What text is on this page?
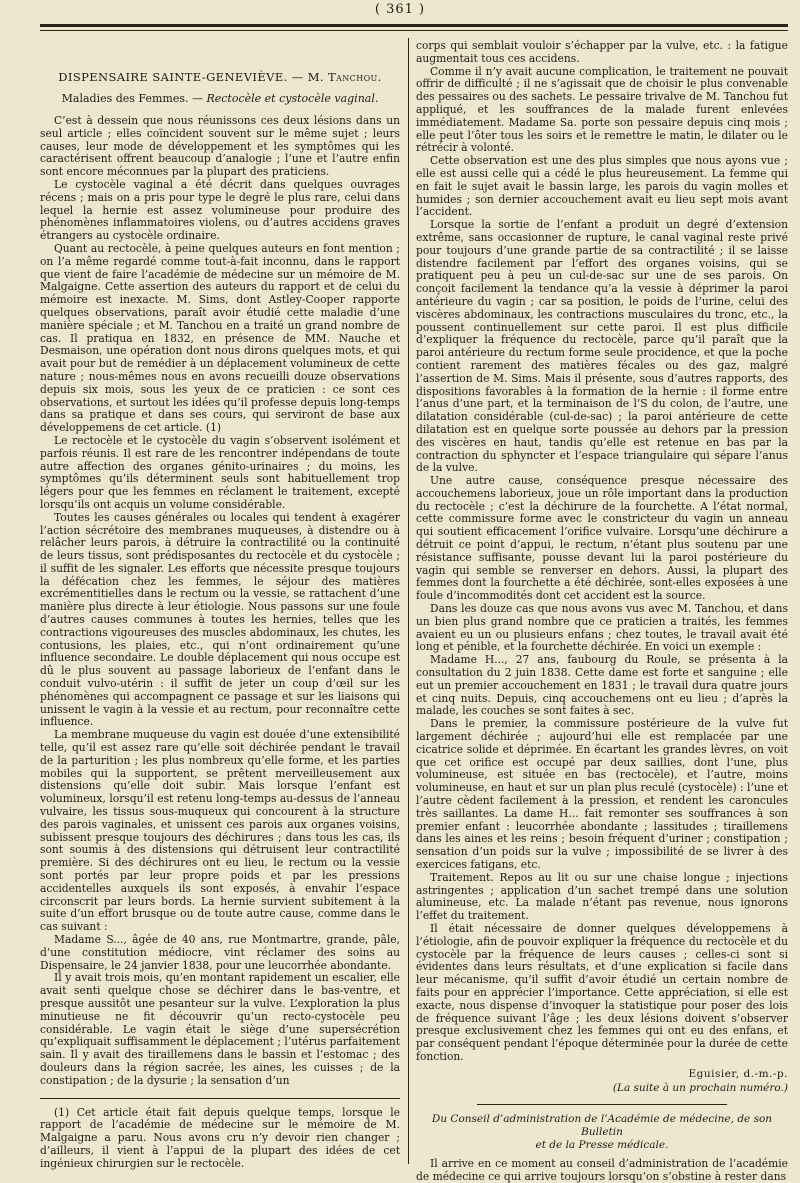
( 361 )
DISPENSAIRE SAINTE-GENEVIÈVE. — M. Tanchou.
Maladies des Femmes. — Rectocèle et cystocèle vaginal.

C’est à dessein que nous réunissons ces deux lésions dans un seul article ; elles coïncident souvent sur le même sujet ; leurs causes, leur mode de développement et les symptômes qui les caractérisent offrent beaucoup d’analogie ; l’une et l’autre enfin sont encore méconnues par la plupart des praticiens.

Le cystocèle vaginal a été décrit dans quelques ouvrages récens ; mais on a pris pour type le degré le plus rare, celui dans lequel la hernie est assez volumineuse pour produire des phénomènes inflammatoires violens, ou d’autres accidens graves étrangers au cystocèle ordinaire.

Quant au rectocèle, à peine quelques auteurs en font mention ; on l’a même regardé comme tout-à-fait inconnu, dans le rapport que vient de faire l’académie de médecine sur un mémoire de M. Malgaigne. Cette assertion des auteurs du rapport et de celui du mémoire est inexacte. M. Sims, dont Astley-Cooper rapporte quelques observations, paraît avoir étudié cette maladie d’une manière spéciale ; et M. Tanchou en a traité un grand nombre de cas. Il pratiqua en 1832, en présence de MM. Nauche et Desmaison, une opération dont nous dirons quelques mots, et qui avait pour but de remédier à un déplacement volumineux de cette nature ; nous-mêmes nous en avons recueilli douze observations depuis six mois, sous les yeux de ce praticien : ce sont ces observations, et surtout les idées qu’il professe depuis long-temps dans sa pratique et dans ses cours, qui serviront de base aux développemens de cet article. (1)

Le rectocèle et le cystocèle du vagin s’observent isolément et parfois réunis. Il est rare de les rencontrer indépendans de toute autre affection des organes génito-urinaires ; du moins, les symptômes qu’ils déterminent seuls sont habituellement trop légers pour que les femmes en réclament le traitement, excepté lorsqu’ils ont acquis un volume considérable.

Toutes les causes générales ou locales qui tendent à exagérer l’action sécrétoire des membranes muqueuses, à distendre ou à relâcher leurs parois, à détruire la contractilité ou la continuité de leurs tissus, sont prédisposantes du rectocèle et du cystocèle ; il suffit de les signaler. Les efforts que nécessite presque toujours la défécation chez les femmes, le séjour des matières excrémentitielles dans le rectum ou la vessie, se rattachent d’une manière plus directe à leur étiologie. Nous passons sur une foule d’autres causes communes à toutes les hernies, telles que les contractions vigoureuses des muscles abdominaux, les chutes, les contusions, les plaies, etc., qui n’ont ordinairement qu’une influence secondaire. Le double déplacement qui nous occupe est dû le plus souvent au passage laborieux de l’enfant dans le conduit vulvo-utérin : il suffit de jeter un coup d’œil sur les phénomènes qui accompagnent ce passage et sur les liaisons qui unissent le vagin à la vessie et au rectum, pour reconnaître cette influence.

La membrane muqueuse du vagin est douée d’une extensibilité telle, qu’il est assez rare qu’elle soit déchirée pendant le travail de la parturition ; les plus nombreux qu’elle forme, et les parties mobiles qui la supportent, se prêtent merveilleusement aux distensions qu’elle doit subir. Mais lorsque l’enfant est volumineux, lorsqu’il est retenu long-temps au-dessus de l’anneau vulvaire, les tissus sous-muqueux qui concourent à la structure des parois vaginales, et unissent ces parois aux organes voisins, subissent presque toujours des déchirures ; dans tous les cas, ils sont soumis à des distensions qui détruisent leur contractilité première. Si des déchirures ont eu lieu, le rectum ou la vessie sont portés par leur propre poids et par les pressions accidentelles auxquels ils sont exposés, à envahir l’espace circonscrit par leurs bords. La hernie survient subitement à la suite d’un effort brusque ou de toute autre cause, comme dans le cas suivant :

Madame S..., âgée de 40 ans, rue Montmartre, grande, pâle, d’une constitution médiocre, vint réclamer des soins au Dispensaire, le 24 janvier 1838, pour une leucorrhée abondante.

Il y avait trois mois, qu’en montant rapidement un escalier, elle avait senti quelque chose se déchirer dans le bas-ventre, et presque aussitôt une pesanteur sur la vulve. L’exploration la plus minutieuse ne fit découvrir qu’un recto-cystocèle peu considérable. Le vagin était le siège d’une supersécrétion qu’expliquait suffisamment le déplacement ; l’utérus parfaitement sain. Il y avait des tiraillemens dans le bassin et l’estomac ; des douleurs dans la région sacrée, les aines, les cuisses ; de la constipation ; de la dysurie ; la sensation d’un

(1) Cet article était fait depuis quelque temps, lorsque le rapport de l’académie de médecine sur le mémoire de M. Malgaigne a paru. Nous avons cru n’y devoir rien changer ; d’ailleurs, il vient à l’appui de la plupart des idées de cet ingénieux chirurgien sur le rectocèle.

corps qui semblait vouloir s’échapper par la vulve, etc. : la fatigue augmentait tous ces accidens.

Comme il n’y avait aucune complication, le traitement ne pouvait offrir de difficulté ; il ne s’agissait que de choisir le plus convenable des pessaires ou des sachets. Le pessaire trivalve de M. Tanchou fut appliqué, et les souffrances de la malade furent enlevées immédiatement. Madame Sa. porte son pessaire depuis cinq mois ; elle peut l’ôter tous les soirs et le remettre le matin, le dilater ou le rétrécir à volonté.

Cette observation est une des plus simples que nous ayons vue ; elle est aussi celle qui a cédé le plus heureusement. La femme qui en fait le sujet avait le bassin large, les parois du vagin molles et humides ; son dernier accouchement avait eu lieu sept mois avant l’accident.

Lorsque la sortie de l’enfant a produit un degré d’extension extrême, sans occasionner de rupture, le canal vaginal reste privé pour toujours d’une grande partie de sa contractilité ; il se laisse distendre facilement par l’effort des organes voisins, qui se pratiquent peu à peu un cul-de-sac sur une de ses parois. On conçoit facilement la tendance qu’a la vessie à déprimer la paroi antérieure du vagin ; car sa position, le poids de l’urine, celui des viscères abdominaux, les contractions musculaires du tronc, etc., la poussent continuellement sur cette paroi. Il est plus difficile d’expliquer la fréquence du rectocèle, parce qu’il paraît que la paroi antérieure du rectum forme seule procidence, et que la poche contient rarement des matières fécales ou des gaz, malgré l’assertion de M. Sims. Mais il présente, sous d’autres rapports, des dispositions favorables à la formation de la hernie : il forme entre l’anus d’une part, et la terminaison de l’S du colon, de l’autre, une dilatation considérable (cul-de-sac) ; la paroi antérieure de cette dilatation est en quelque sorte poussée au dehors par la pression des viscères en haut, tandis qu’elle est retenue en bas par la contraction du sphyncter et l’espace triangulaire qui sépare l’anus de la vulve.

Une autre cause, conséquence presque nécessaire des accouchemens laborieux, joue un rôle important dans la production du rectocèle ; c’est la déchirure de la fourchette. A l’état normal, cette commissure forme avec le constricteur du vagin un anneau qui soutient efficacement l’orifice vulvaire. Lorsqu’une déchirure a détruit ce point d’appui, le rectum, n’étant plus soutenu par une résistance suffisante, pousse devant lui la paroi postérieure du vagin qui semble se renverser en dehors. Aussi, la plupart des femmes dont la fourchette a été déchirée, sont-elles exposées à une foule d’incommodités dont cet accident est la source.

Dans les douze cas que nous avons vus avec M. Tanchou, et dans un bien plus grand nombre que ce praticien a traités, les femmes avaient eu un ou plusieurs enfans ; chez toutes, le travail avait été long et pénible, et la fourchette déchirée. En voici un exemple :

Madame H..., 27 ans, faubourg du Roule, se présenta à la consultation du 2 juin 1838. Cette dame est forte et sanguine ; elle eut un premier accouchement en 1831 ; le travail dura quatre jours et cinq nuits. Depuis, cinq accouchemens ont eu lieu ; d’après la malade, les couches se sont faites à sec.

Dans le premier, la commissure postérieure de la vulve fut largement déchirée ; aujourd’hui elle est remplacée par une cicatrice solide et déprimée. En écartant les grandes lèvres, on voit que cet orifice est occupé par deux saillies, dont l’une, plus volumineuse, est située en bas (rectocèle), et l’autre, moins volumineuse, en haut et sur un plan plus reculé (cystocèle) : l’une et l’autre cèdent facilement à la pression, et rendent les caroncules très saillantes. La dame H... fait remonter ses souffrances à son premier enfant : leucorrhée abondante ; lassitudes ; tiraillemens dans les aines et les reins ; besoin fréquent d’uriner ; constipation ; sensation d’un poids sur la vulve ; impossibilité de se livrer à des exercices fatigans, etc.

Traitement. Repos au lit ou sur une chaise longue ; injections astringentes ; application d’un sachet trempé dans une solution alumineuse, etc. La malade n’étant pas revenue, nous ignorons l’effet du traitement.

Il était nécessaire de donner quelques développemens à l’étiologie, afin de pouvoir expliquer la fréquence du rectocèle et du cystocèle par la fréquence de leurs causes ; celles-ci sont si évidentes dans leurs résultats, et d’une explication si facile dans leur mécanisme, qu’il suffit d’avoir étudié un certain nombre de faits pour en apprécier l’importance. Cette appréciation, si elle est exacte, nous dispense d’invoquer la statistique pour poser des lois de fréquence suivant l’âge ; les deux lésions doivent s’observer presque exclusivement chez les femmes qui ont eu des enfans, et par conséquent pendant l’époque déterminée pour la durée de cette fonction.

Eguisier, d.-m.-p.
(La suite à un prochain numéro.)
Du Conseil d’administration de l’Académie de médecine, de son Bulletin
et de la Presse médicale.

Il arrive en ce moment au conseil d’administration de l’académie de médecine ce qui arrive toujours lorsqu’on s’obstine à rester dans
